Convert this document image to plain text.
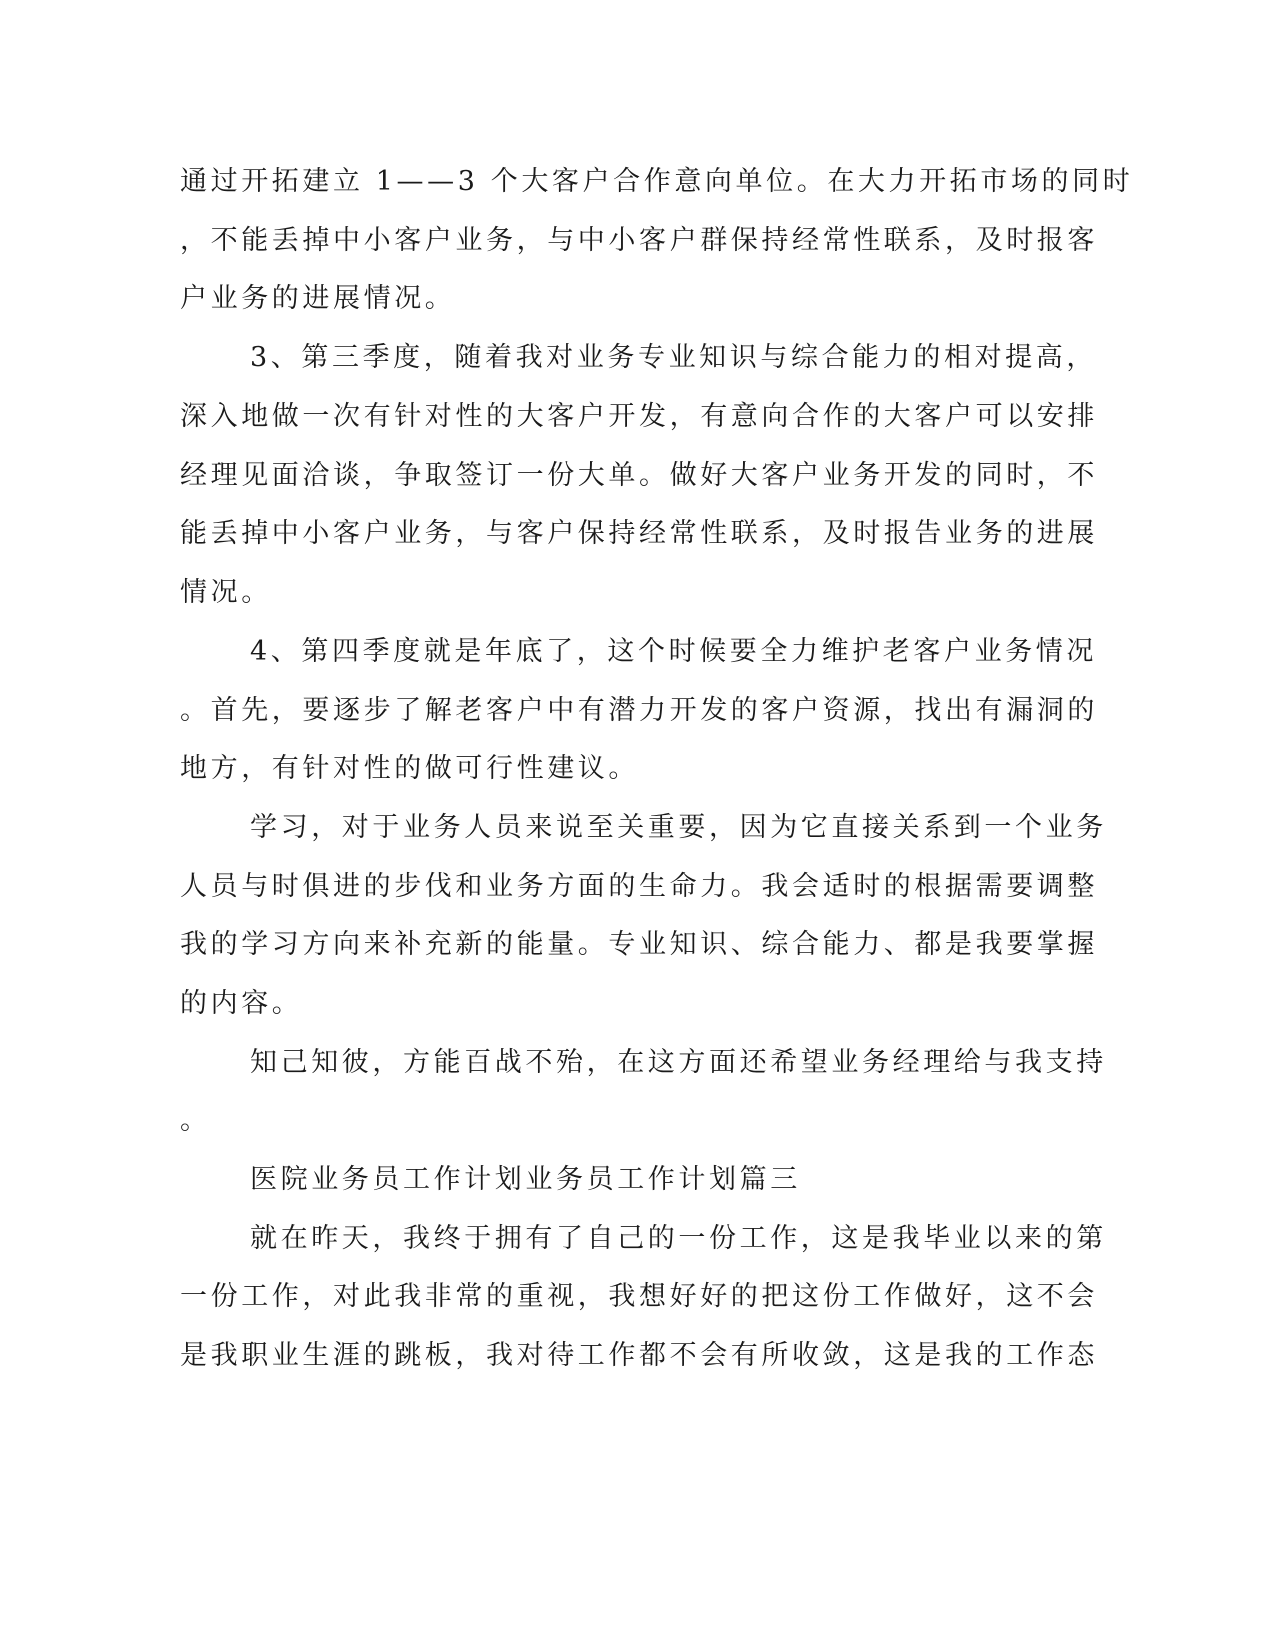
通过开拓建立 1——3 个大客户合作意向单位。在大力开拓市场的同时
，不能丢掉中小客户业务，与中小客户群保持经常性联系，及时报客
户业务的进展情况。
3、第三季度，随着我对业务专业知识与综合能力的相对提高，
深入地做一次有针对性的大客户开发，有意向合作的大客户可以安排
经理见面洽谈，争取签订一份大单。做好大客户业务开发的同时，不
能丢掉中小客户业务，与客户保持经常性联系，及时报告业务的进展
情况。
4、第四季度就是年底了，这个时候要全力维护老客户业务情况
。首先，要逐步了解老客户中有潜力开发的客户资源，找出有漏洞的
地方，有针对性的做可行性建议。
学习，对于业务人员来说至关重要，因为它直接关系到一个业务
人员与时俱进的步伐和业务方面的生命力。我会适时的根据需要调整
我的学习方向来补充新的能量。专业知识、综合能力、都是我要掌握
的内容。
知己知彼，方能百战不殆，在这方面还希望业务经理给与我支持
。
医院业务员工作计划业务员工作计划篇三
就在昨天，我终于拥有了自己的一份工作，这是我毕业以来的第
一份工作，对此我非常的重视，我想好好的把这份工作做好，这不会
是我职业生涯的跳板，我对待工作都不会有所收敛，这是我的工作态
